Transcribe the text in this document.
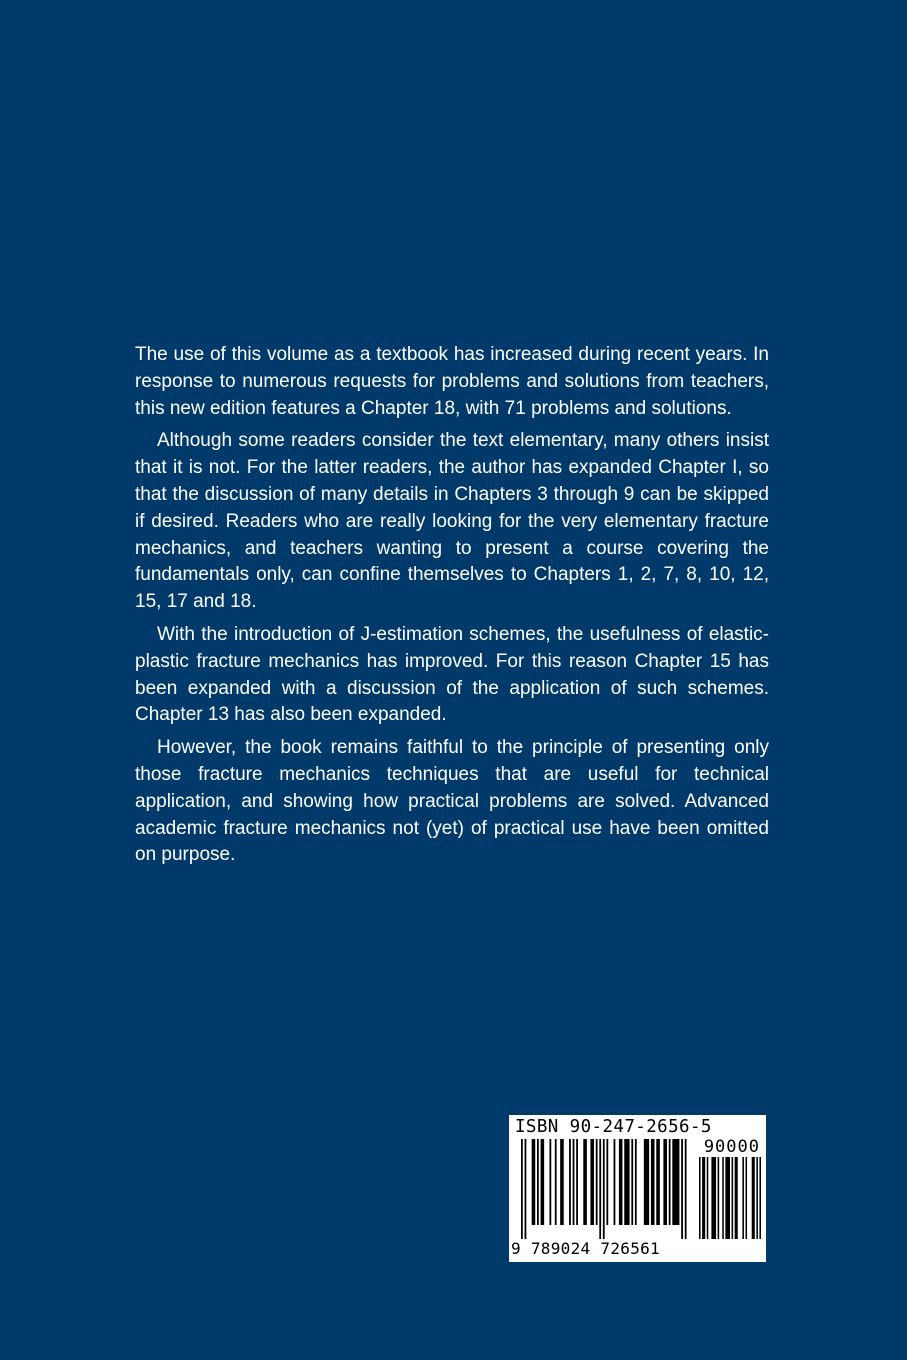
The use of this volume as a textbook has increased during recent years. In response to numerous requests for problems and solutions from teachers, this new edition features a Chapter 18, with 71 problems and solutions.

Although some readers consider the text elementary, many others insist that it is not. For the latter readers, the author has expanded Chapter I, so that the discussion of many details in Chapters 3 through 9 can be skipped if desired. Readers who are really looking for the very elementary fracture mechanics, and teachers wanting to present a course covering the fundamentals only, can confine themselves to Chapters 1, 2, 7, 8, 10, 12, 15, 17 and 18.

With the introduction of J-estimation schemes, the usefulness of elastic-plastic fracture mechanics has improved. For this reason Chapter 15 has been expanded with a discussion of the application of such schemes. Chapter 13 has also been expanded.

However, the book remains faithful to the principle of presenting only those fracture mechanics techniques that are useful for technical application, and showing how practical problems are solved. Advanced academic fracture mechanics not (yet) of practical use have been omitted on purpose.

ISBN 90-247-2656-5
90000
9 789024 726561
